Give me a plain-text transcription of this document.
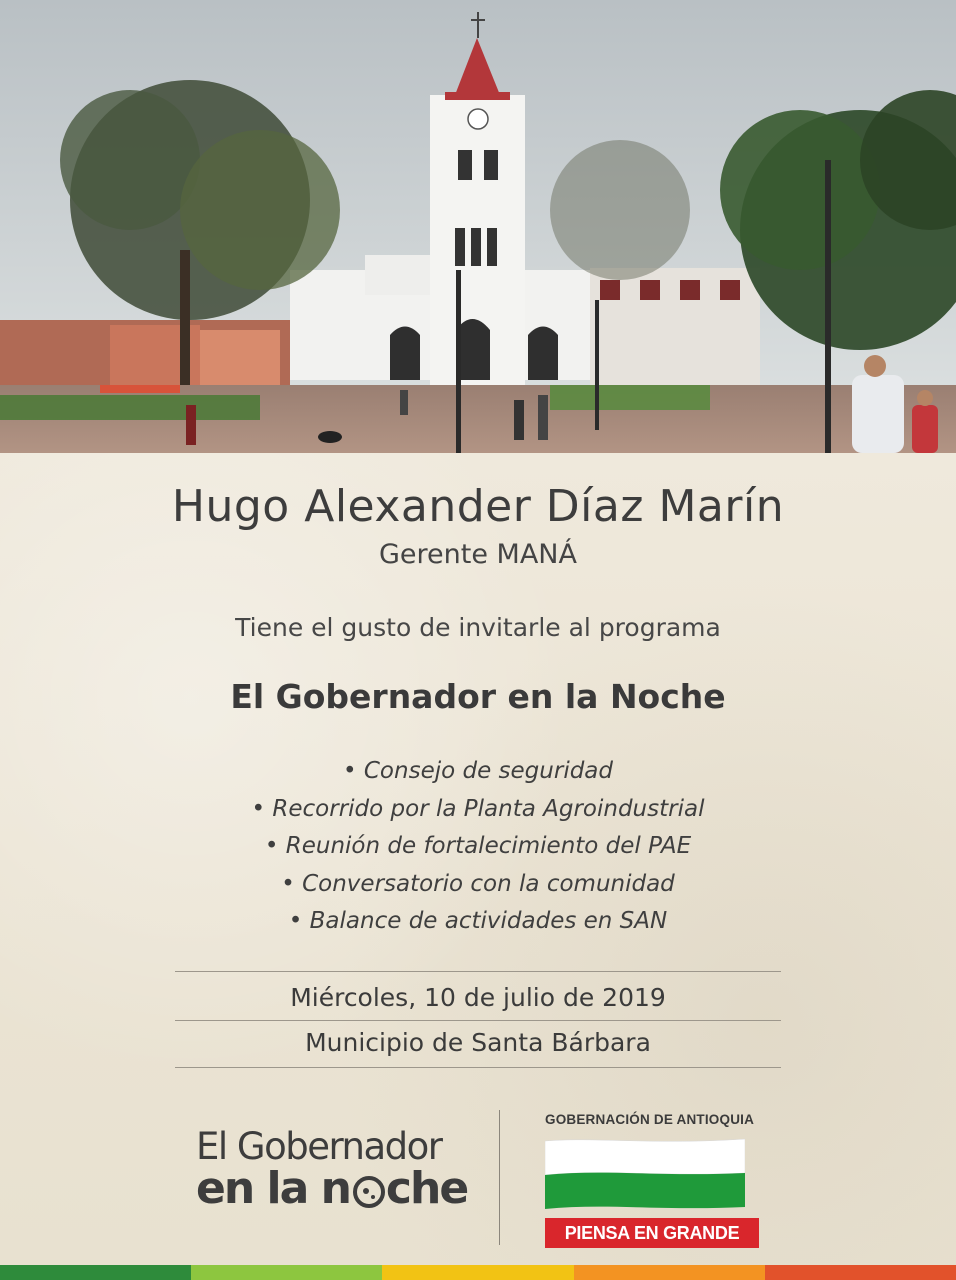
Hugo Alexander Díaz Marín
Gerente MANÁ
Tiene el gusto de invitarle al programa
El Gobernador en la Noche
• Consejo de seguridad
• Recorrido por la Planta Agroindustrial
• Reunión de fortalecimiento del PAE
• Conversatorio con la comunidad
• Balance de actividades en SAN
Miércoles, 10 de julio de 2019
Municipio de Santa Bárbara
El Gobernador
en la n che
GOBERNACIÓN DE ANTIOQUIA
PIENSA EN GRANDE
